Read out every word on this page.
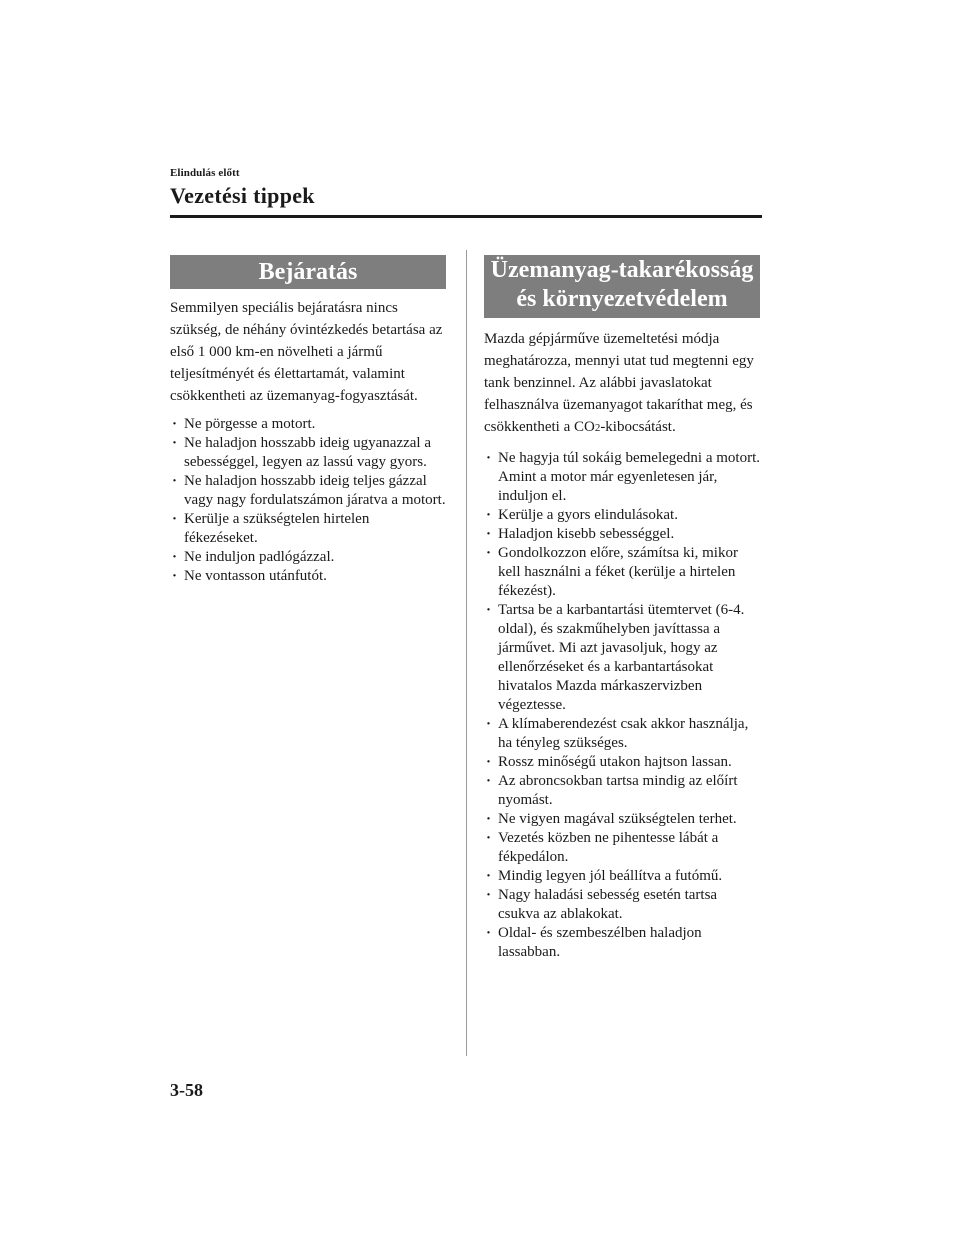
Elindulás előtt
Vezetési tippek
Bejáratás
Semmilyen speciális bejáratásra nincs szükség, de néhány óvintézkedés betartása az első 1 000 km-en növelheti a jármű teljesítményét és élettartamát, valamint csökkentheti az üzemanyag-fogyasztását.
· Ne pörgesse a motort.
· Ne haladjon hosszabb ideig ugyanazzal a sebességgel, legyen az lassú vagy gyors.
· Ne haladjon hosszabb ideig teljes gázzal vagy nagy fordulatszámon járatva a motort.
· Kerülje a szükségtelen hirtelen fékezéseket.
· Ne induljon padlógázzal.
· Ne vontasson utánfutót.
Üzemanyag-takarékosság
és környezetvédelem
Mazda gépjárműve üzemeltetési módja meghatározza, mennyi utat tud megtenni egy tank benzinnel. Az alábbi javaslatokat felhasználva üzemanyagot takaríthat meg, és csökkentheti a CO2-kibocsátást.
· Ne hagyja túl sokáig bemelegedni a motort. Amint a motor már egyenletesen jár, induljon el.
· Kerülje a gyors elindulásokat.
· Haladjon kisebb sebességgel.
· Gondolkozzon előre, számítsa ki, mikor kell használni a féket (kerülje a hirtelen fékezést).
· Tartsa be a karbantartási ütemtervet (6-4. oldal), és szakműhelyben javíttassa a járművet. Mi azt javasoljuk, hogy az ellenőrzéseket és a karbantartásokat hivatalos Mazda márkaszervizben végeztesse.
· A klímaberendezést csak akkor használja, ha tényleg szükséges.
· Rossz minőségű utakon hajtson lassan.
· Az abroncsokban tartsa mindig az előírt nyomást.
· Ne vigyen magával szükségtelen terhet.
· Vezetés közben ne pihentesse lábát a fékpedálon.
· Mindig legyen jól beállítva a futómű.
· Nagy haladási sebesség esetén tartsa csukva az ablakokat.
· Oldal- és szembeszélben haladjon lassabban.
3-58
